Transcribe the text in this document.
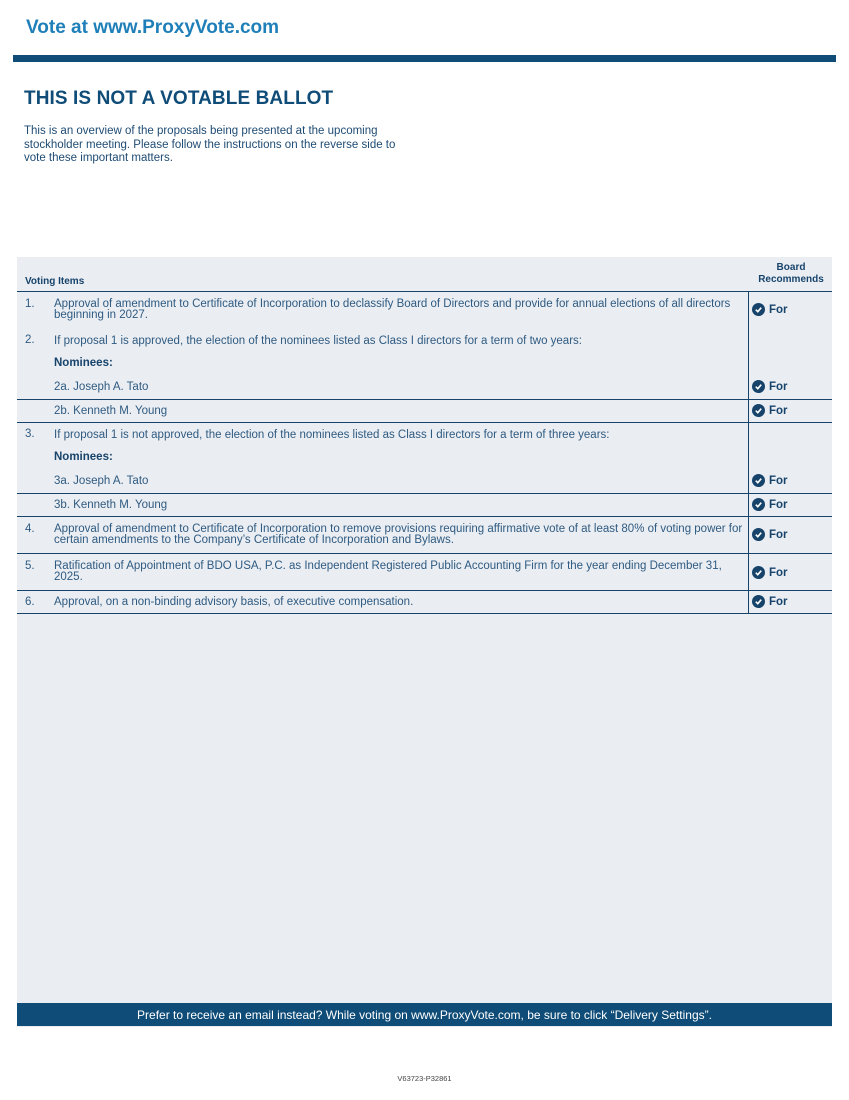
Vote at www.ProxyVote.com
THIS IS NOT A VOTABLE BALLOT
This is an overview of the proposals being presented at the upcoming stockholder meeting. Please follow the instructions on the reverse side to vote these important matters.
Voting Items
Board
Recommends
1. Approval of amendment to Certificate of Incorporation to declassify Board of Directors and provide for annual elections of all directors beginning in 2027.	For
2. If proposal 1 is approved, the election of the nominees listed as Class I directors for a term of two years:
Nominees:
2a. Joseph A. Tato	For
2b. Kenneth M. Young	For
3. If proposal 1 is not approved, the election of the nominees listed as Class I directors for a term of three years:
Nominees:
3a. Joseph A. Tato	For
3b. Kenneth M. Young	For
4. Approval of amendment to Certificate of Incorporation to remove provisions requiring affirmative vote of at least 80% of voting power for certain amendments to the Company’s Certificate of Incorporation and Bylaws.	For
5. Ratification of Appointment of BDO USA, P.C. as Independent Registered Public Accounting Firm for the year ending December 31, 2025.	For
6. Approval, on a non-binding advisory basis, of executive compensation.	For
Prefer to receive an email instead? While voting on www.ProxyVote.com, be sure to click “Delivery Settings”.
V63723-P32861
